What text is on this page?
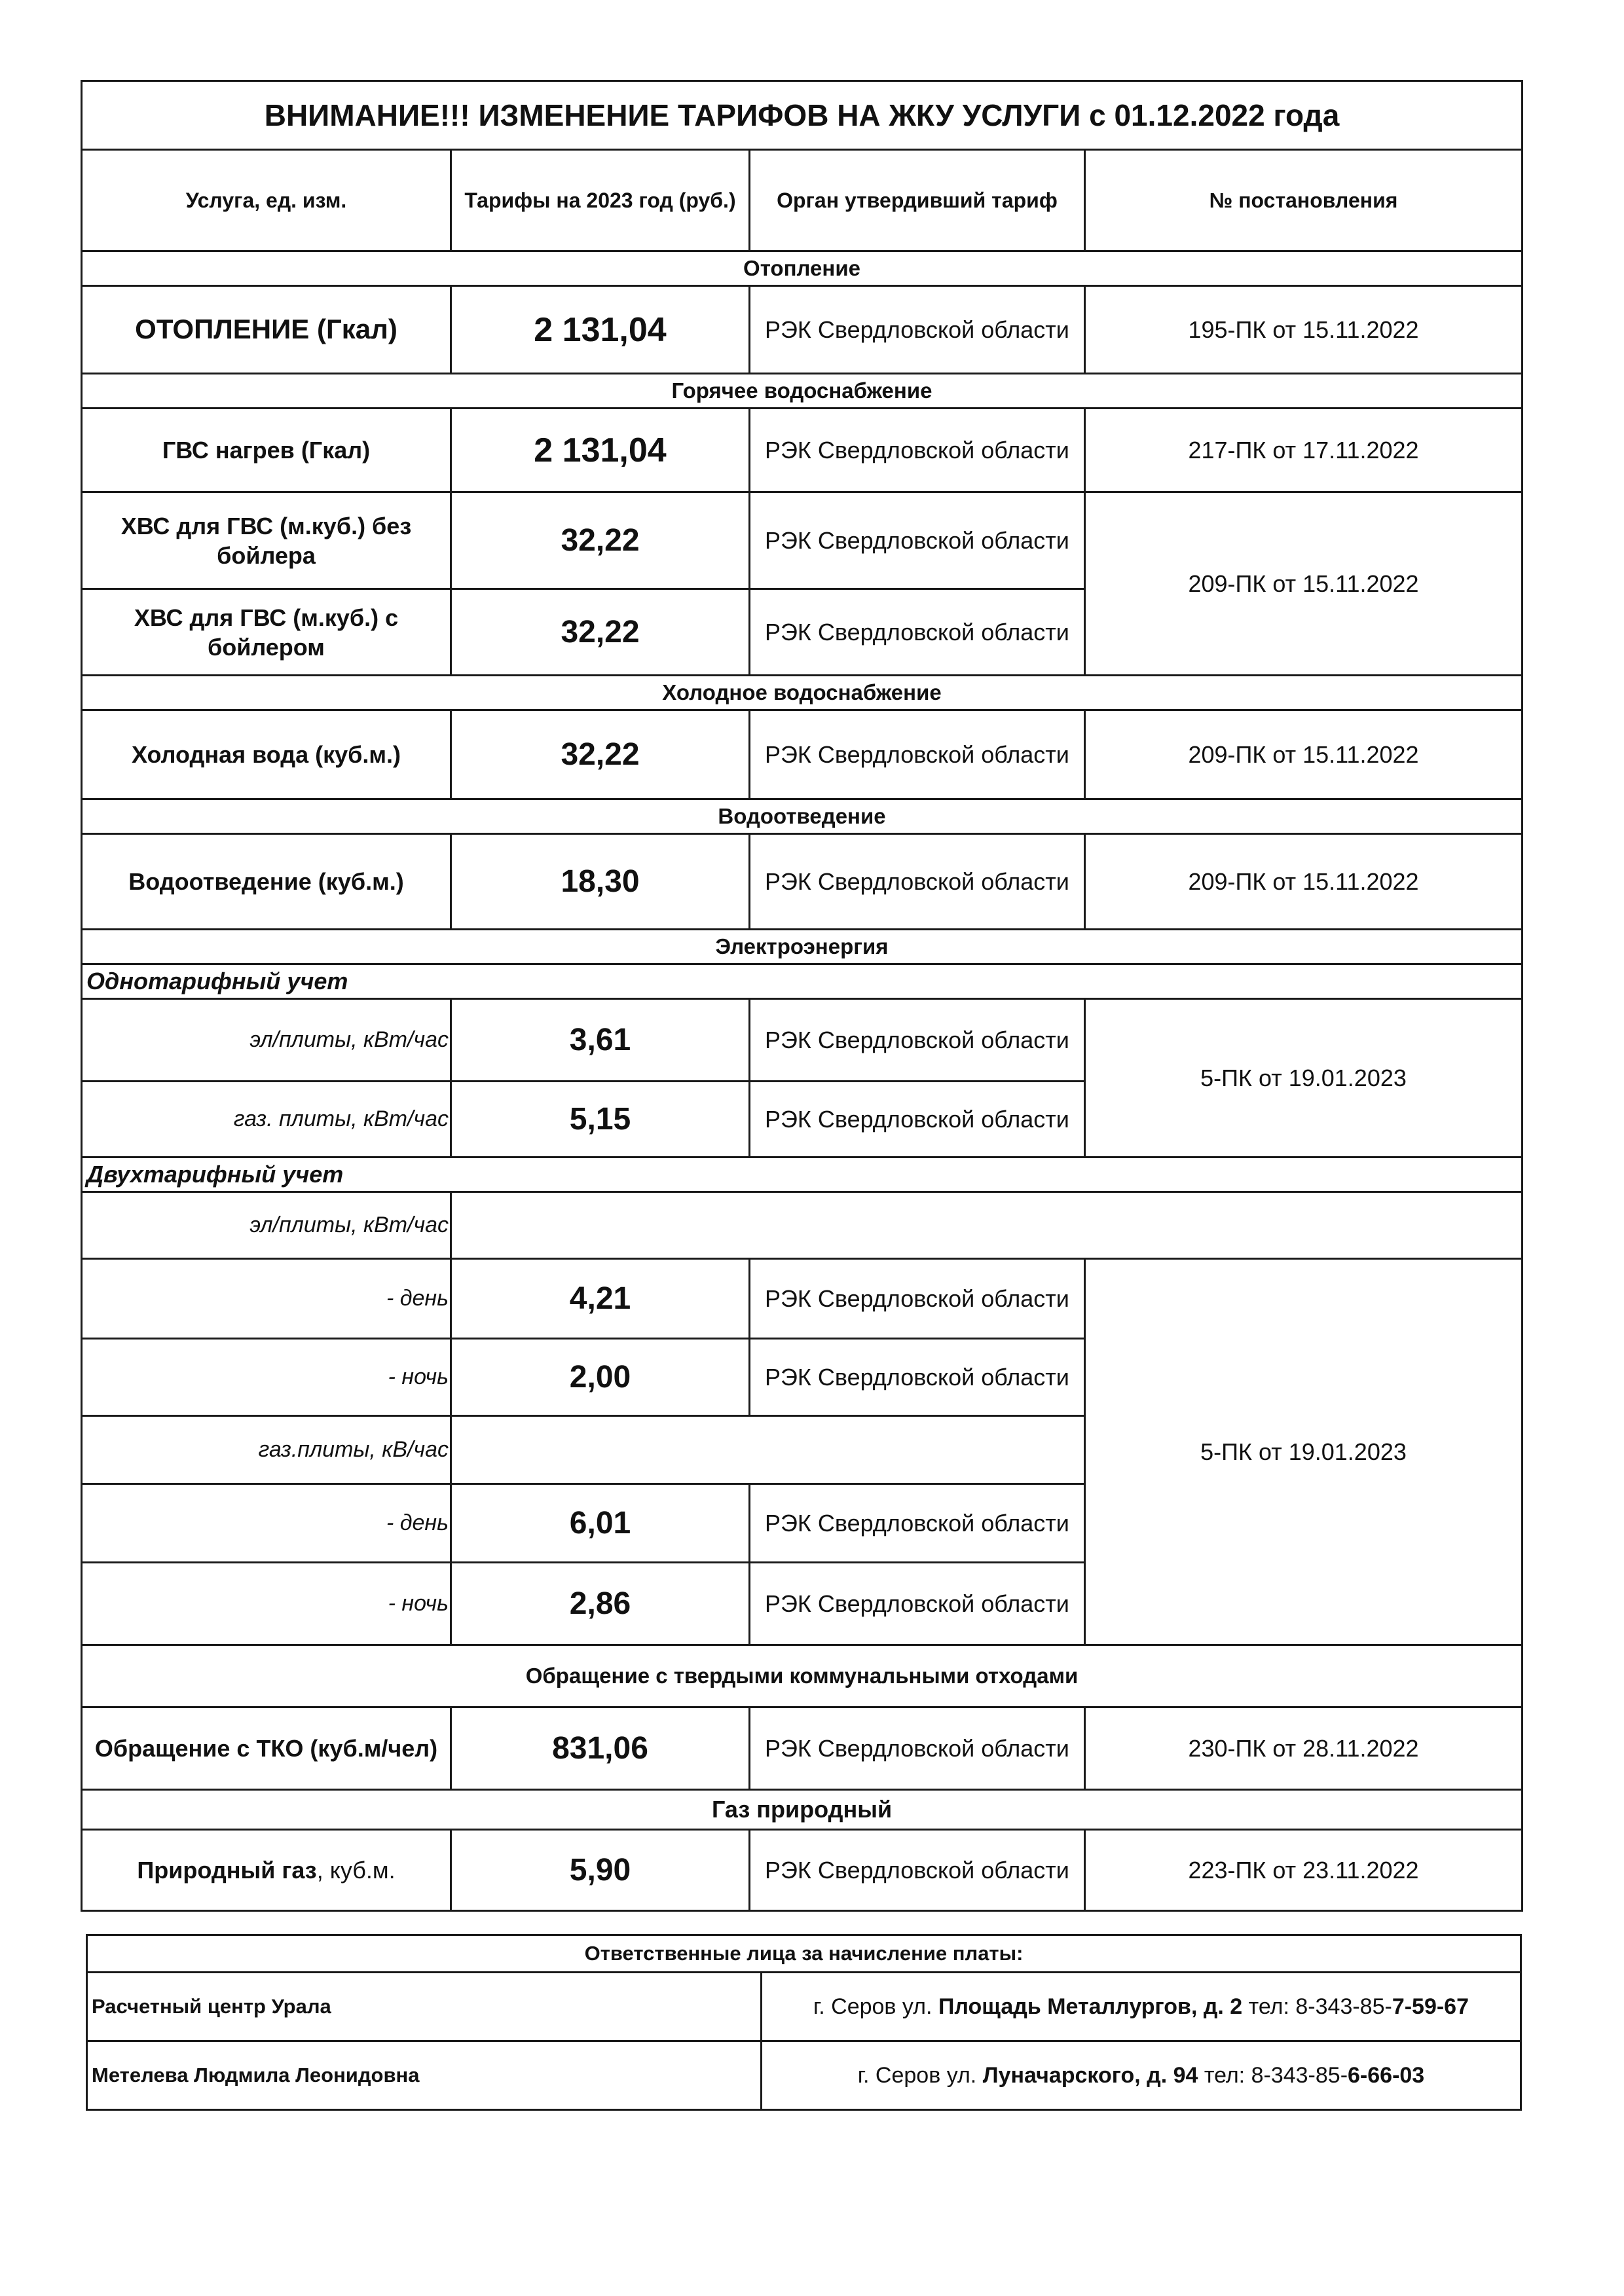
ВНИМАНИЕ!!! ИЗМЕНЕНИЕ ТАРИФОВ НА ЖКУ УСЛУГИ с 01.12.2022 года			
Услуга, ед. изм.	Тарифы на 2023 год (руб.)	Орган утвердивший тариф	№ постановления
Отопление			
ОТОПЛЕНИЕ (Гкал)	2 131,04	РЭК Свердловской области	195-ПК от 15.11.2022
Горячее водоснабжение			
ГВС нагрев (Гкал)	2 131,04	РЭК Свердловской области	217-ПК от 17.11.2022
ХВС для ГВС (м.куб.) без бойлера	32,22	РЭК Свердловской области	209-ПК от 15.11.2022
ХВС для ГВС (м.куб.) с бойлером	32,22	РЭК Свердловской области	
Холодное водоснабжение			
Холодная вода (куб.м.)	32,22	РЭК Свердловской области	209-ПК от 15.11.2022
Водоотведение			
Водоотведение (куб.м.)	18,30	РЭК Свердловской области	209-ПК от 15.11.2022
Электроэнергия			
Однотарифный учет			
эл/плиты, кВт/час	3,61	РЭК Свердловской области	5-ПК от 19.01.2023
газ. плиты, кВт/час	5,15	РЭК Свердловской области	
Двухтарифный учет			
эл/плиты, кВт/час			
- день	4,21	РЭК Свердловской области	5-ПК от 19.01.2023
- ночь	2,00	РЭК Свердловской области	
газ.плиты, кВ/час			
- день	6,01	РЭК Свердловской области	
- ночь	2,86	РЭК Свердловской области	
Обращение с твердыми коммунальными отходами			
Обращение с ТКО (куб.м/чел)	831,06	РЭК Свердловской области	230-ПК от 28.11.2022
Газ природный			
Природный газ, куб.м.	5,90	РЭК Свердловской области	223-ПК от 23.11.2022
Ответственные лица за начисление платы:	
Расчетный центр Урала	г. Серов ул. Площадь Металлургов, д. 2 тел: 8-343-85-7-59-67
Метелева Людмила Леонидовна	г. Серов ул. Луначарского, д. 94 тел: 8-343-85-6-66-03
